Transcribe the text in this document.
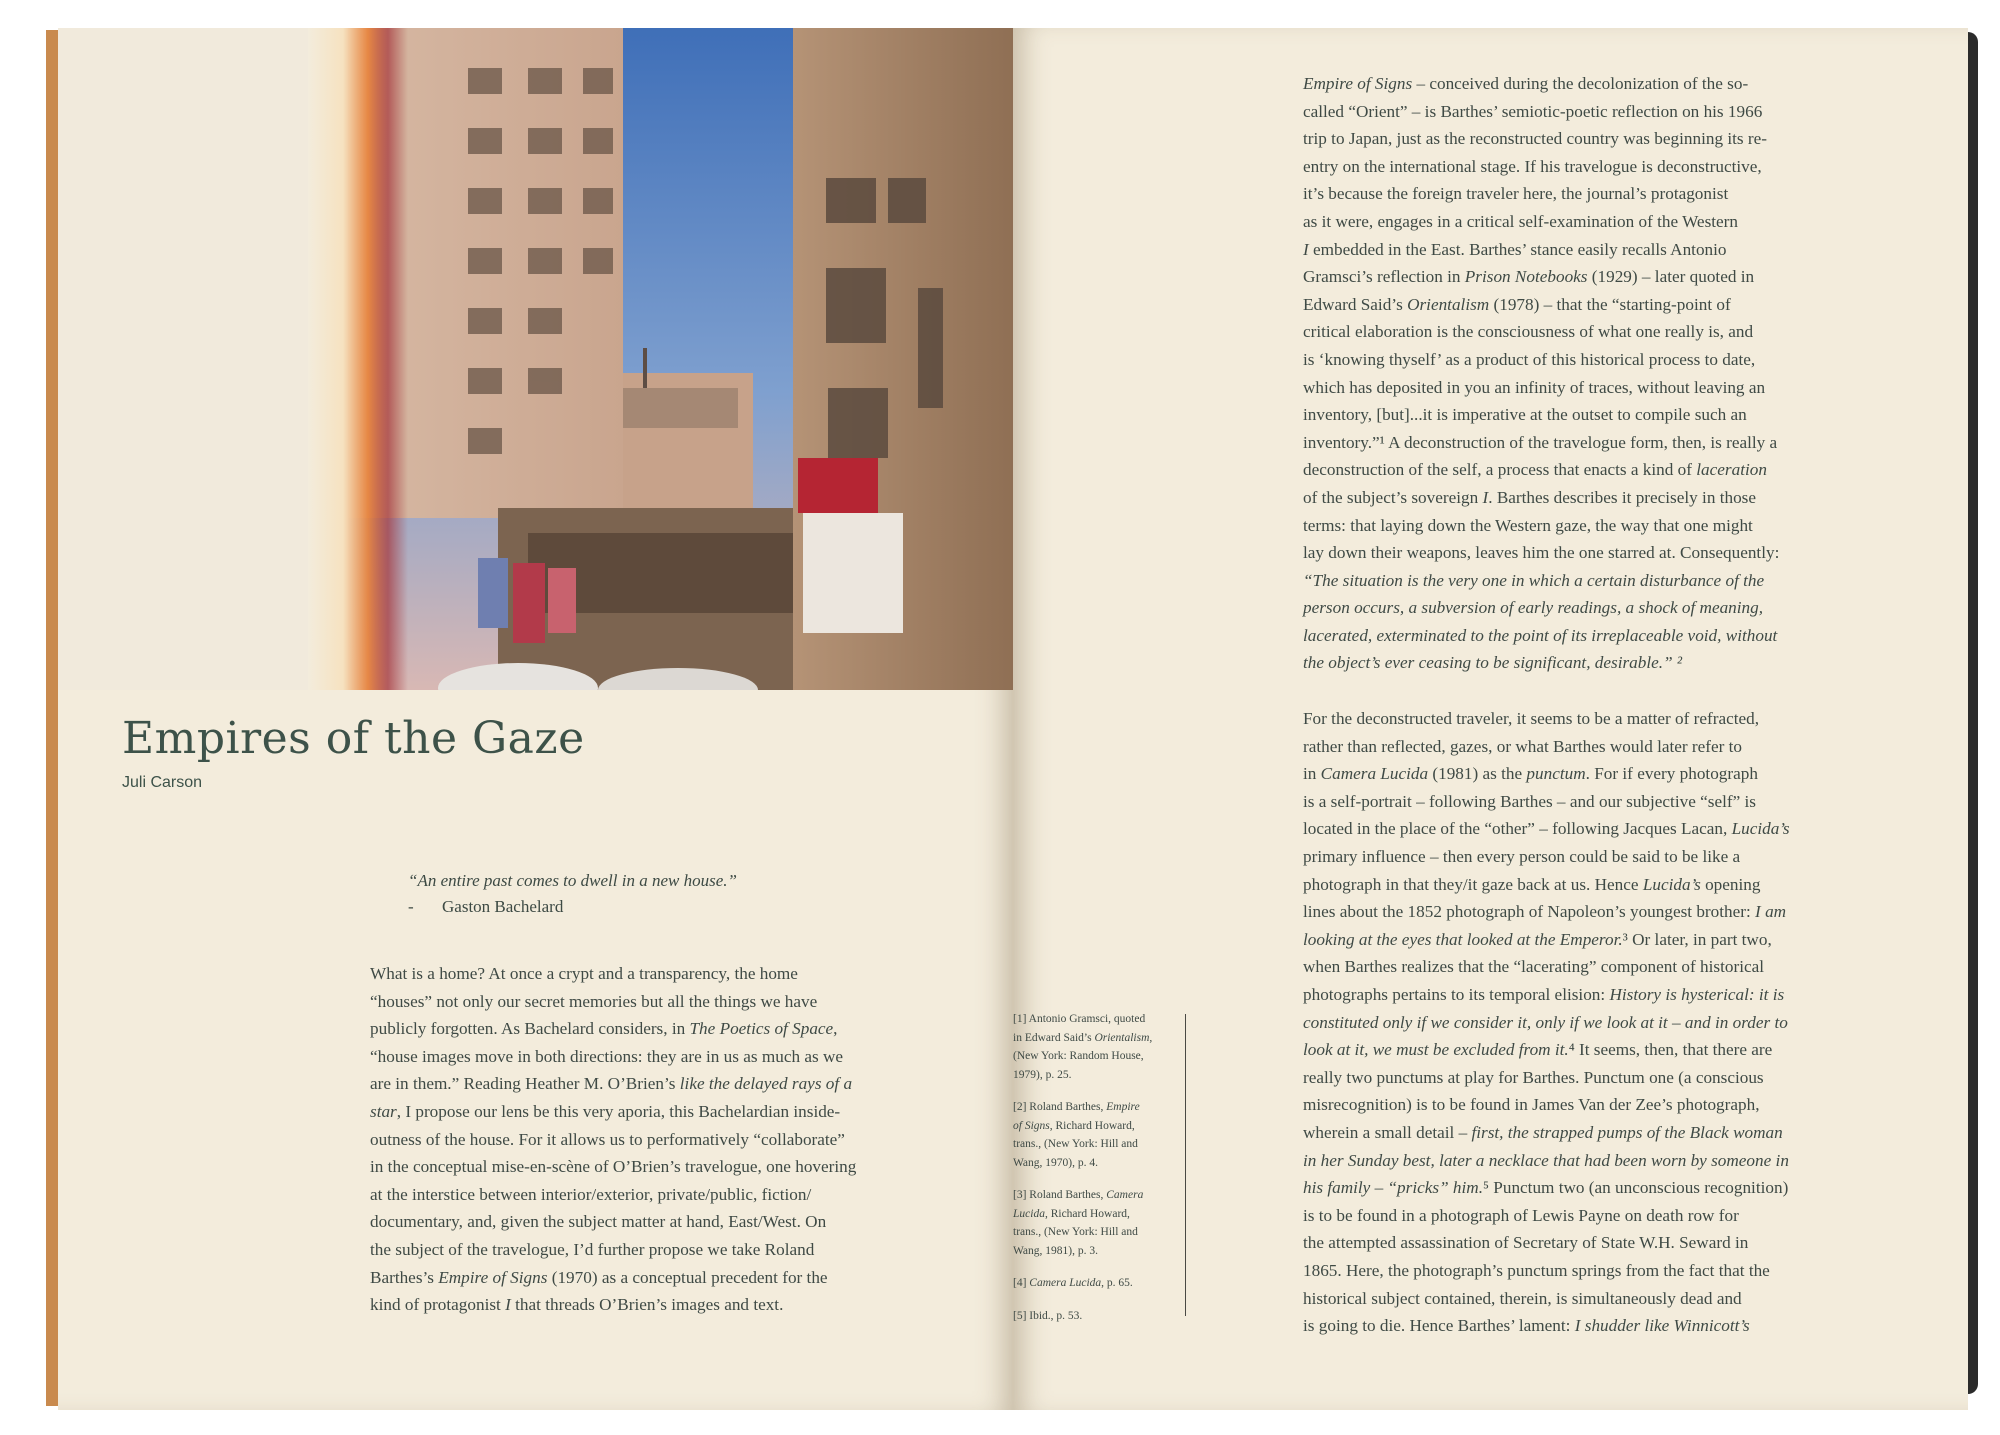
Empires of the Gaze
Juli Carson
“An entire past comes to dwell in a new house.”
- Gaston Bachelard
What is a home? At once a crypt and a transparency, the home
“houses” not only our secret memories but all the things we have
publicly forgotten. As Bachelard considers, in The Poetics of Space,
“house images move in both directions: they are in us as much as we
are in them.” Reading Heather M. O’Brien’s like the delayed rays of a
star, I propose our lens be this very aporia, this Bachelardian inside-
outness of the house. For it allows us to performatively “collaborate”
in the conceptual mise-en-scène of O’Brien’s travelogue, one hovering
at the interstice between interior/exterior, private/public, fiction/
documentary, and, given the subject matter at hand, East/West. On
the subject of the travelogue, I’d further propose we take Roland
Barthes’s Empire of Signs (1970) as a conceptual precedent for the
kind of protagonist I that threads O’Brien’s images and text.
[1] Antonio Gramsci, quoted
in Edward Said’s Orientalism,
(New York: Random House,
1979), p. 25.
[2] Roland Barthes, Empire
of Signs, Richard Howard,
trans., (New York: Hill and
Wang, 1970), p. 4.
[3] Roland Barthes, Camera
Lucida, Richard Howard,
trans., (New York: Hill and
Wang, 1981), p. 3.
[4] Camera Lucida, p. 65.
[5] Ibid., p. 53.
Empire of Signs – conceived during the decolonization of the so-
called “Orient” – is Barthes’ semiotic-poetic reflection on his 1966
trip to Japan, just as the reconstructed country was beginning its re-
entry on the international stage. If his travelogue is deconstructive,
it’s because the foreign traveler here, the journal’s protagonist
as it were, engages in a critical self-examination of the Western
I embedded in the East. Barthes’ stance easily recalls Antonio
Gramsci’s reflection in Prison Notebooks (1929) – later quoted in
Edward Said’s Orientalism (1978) – that the “starting-point of
critical elaboration is the consciousness of what one really is, and
is ‘knowing thyself’ as a product of this historical process to date,
which has deposited in you an infinity of traces, without leaving an
inventory, [but]...it is imperative at the outset to compile such an
inventory.”¹ A deconstruction of the travelogue form, then, is really a
deconstruction of the self, a process that enacts a kind of laceration
of the subject’s sovereign I. Barthes describes it precisely in those
terms: that laying down the Western gaze, the way that one might
lay down their weapons, leaves him the one starred at. Consequently:
“The situation is the very one in which a certain disturbance of the
person occurs, a subversion of early readings, a shock of meaning,
lacerated, exterminated to the point of its irreplaceable void, without
the object’s ever ceasing to be significant, desirable.” ²
For the deconstructed traveler, it seems to be a matter of refracted,
rather than reflected, gazes, or what Barthes would later refer to
in Camera Lucida (1981) as the punctum. For if every photograph
is a self-portrait – following Barthes – and our subjective “self” is
located in the place of the “other” – following Jacques Lacan, Lucida’s
primary influence – then every person could be said to be like a
photograph in that they/it gaze back at us. Hence Lucida’s opening
lines about the 1852 photograph of Napoleon’s youngest brother: I am
looking at the eyes that looked at the Emperor.³ Or later, in part two,
when Barthes realizes that the “lacerating” component of historical
photographs pertains to its temporal elision: History is hysterical: it is
constituted only if we consider it, only if we look at it – and in order to
look at it, we must be excluded from it.⁴ It seems, then, that there are
really two punctums at play for Barthes. Punctum one (a conscious
misrecognition) is to be found in James Van der Zee’s photograph,
wherein a small detail – first, the strapped pumps of the Black woman
in her Sunday best, later a necklace that had been worn by someone in
his family – “pricks” him.⁵ Punctum two (an unconscious recognition)
is to be found in a photograph of Lewis Payne on death row for
the attempted assassination of Secretary of State W.H. Seward in
1865. Here, the photograph’s punctum springs from the fact that the
historical subject contained, therein, is simultaneously dead and
is going to die. Hence Barthes’ lament: I shudder like Winnicott’s
